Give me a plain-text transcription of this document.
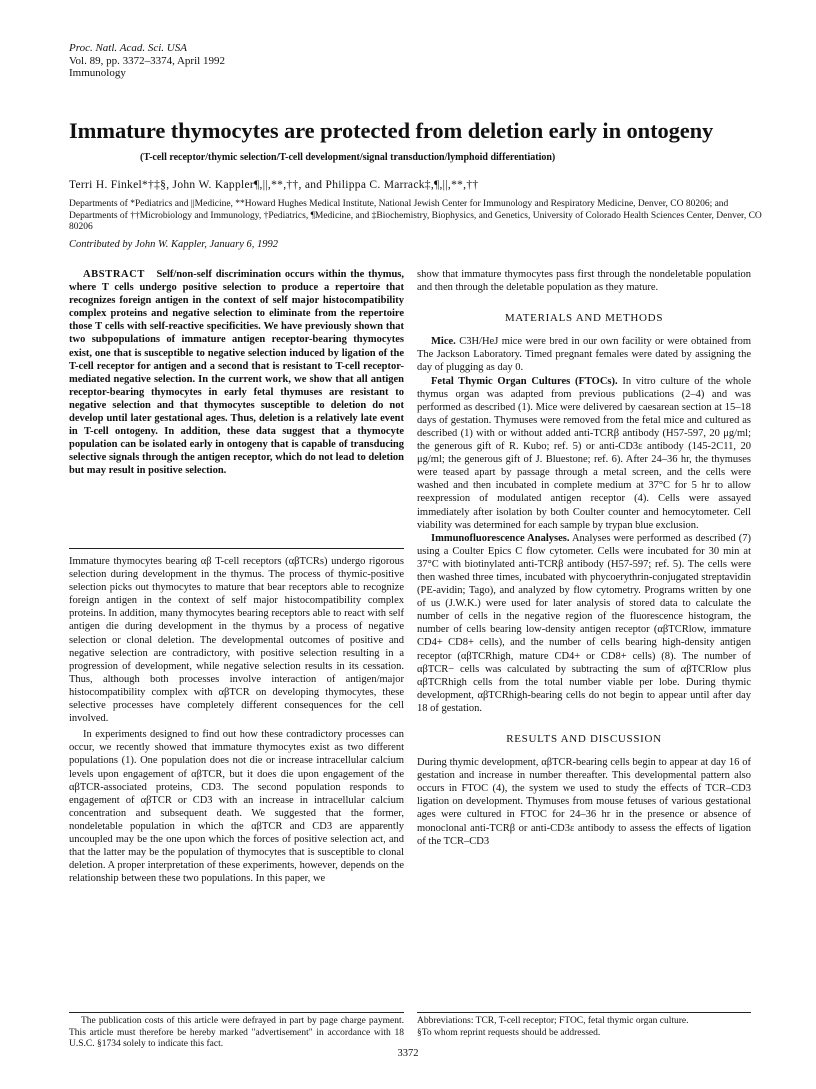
Proc. Natl. Acad. Sci. USA
Vol. 89, pp. 3372–3374, April 1992
Immunology
Immature thymocytes are protected from deletion early in ontogeny
(T-cell receptor/thymic selection/T-cell development/signal transduction/lymphoid differentiation)
Terri H. Finkel*†‡§, John W. Kappler¶,||,**,††, and Philippa C. Marrack‡,¶,||,**,††
Departments of *Pediatrics and ||Medicine, **Howard Hughes Medical Institute, National Jewish Center for Immunology and Respiratory Medicine, Denver, CO 80206; and Departments of ††Microbiology and Immunology, †Pediatrics, ¶Medicine, and ‡Biochemistry, Biophysics, and Genetics, University of Colorado Health Sciences Center, Denver, CO 80206
Contributed by John W. Kappler, January 6, 1992

ABSTRACT Self/non-self discrimination occurs within the thymus, where T cells undergo positive selection to produce a repertoire that recognizes foreign antigen in the context of self major histocompatibility complex proteins and negative selection to eliminate from the repertoire those T cells with self-reactive specificities. We have previously shown that two subpopulations of immature antigen receptor-bearing thymocytes exist, one that is susceptible to negative selection induced by ligation of the T-cell receptor for antigen and a second that is resistant to T-cell receptor-mediated negative selection. In the current work, we show that all antigen receptor-bearing thymocytes in early fetal thymuses are resistant to negative selection and that thymocytes susceptible to deletion do not develop until later gestational ages. Thus, deletion is a relatively late event in T-cell ontogeny. In addition, these data suggest that a thymocyte population can be isolated early in ontogeny that is capable of transducing selective signals through the antigen receptor, which do not lead to deletion but may result in positive selection.

Immature thymocytes bearing αβ T-cell receptors (αβTCRs) undergo rigorous selection during development in the thymus. The process of thymic-positive selection picks out thymocytes to mature that bear receptors able to recognize foreign antigen in the context of self major histocompatibility complex proteins. In addition, many thymocytes bearing receptors able to react with self antigen die during development in the thymus by a process of negative selection or clonal deletion. The developmental outcomes of positive and negative selection are contradictory, with positive selection resulting in a progression of development, while negative selection results in its cessation. Thus, although both processes involve interaction of antigen/major histocompatibility complex with αβTCR on developing thymocytes, these selective processes have completely different consequences for the cell involved.

In experiments designed to find out how these contradictory processes can occur, we recently showed that immature thymocytes exist as two different populations (1). One population does not die or increase intracellular calcium levels upon engagement of αβTCR, but it does die upon engagement of the αβTCR-associated proteins, CD3. The second population responds to engagement of αβTCR or CD3 with an increase in intracellular calcium concentration and subsequent death. We suggested that the former, nondeletable population in which the αβTCR and CD3 are apparently uncoupled may be the one upon which the forces of positive selection act, and that the latter may be the population of thymocytes that is susceptible to clonal deletion. A proper interpretation of these experiments, however, depends on the relationship between these two populations. In this paper, we

show that immature thymocytes pass first through the nondeletable population and then through the deletable population as they mature.

MATERIALS AND METHODS

Mice. C3H/HeJ mice were bred in our own facility or were obtained from The Jackson Laboratory. Timed pregnant females were dated by assigning the day of plugging as day 0.

Fetal Thymic Organ Cultures (FTOCs). In vitro culture of the whole thymus organ was adapted from previous publications (2–4) and was performed as described (1). Mice were delivered by caesarean section at 15–18 days of gestation. Thymuses were removed from the fetal mice and cultured as described (1) with or without added anti-TCRβ antibody (H57-597, 20 μg/ml; the generous gift of R. Kubo; ref. 5) or anti-CD3ε antibody (145-2C11, 20 μg/ml; the generous gift of J. Bluestone; ref. 6). After 24–36 hr, the thymuses were teased apart by passage through a metal screen, and the cells were washed and then incubated in complete medium at 37°C for 5 hr to allow reexpression of modulated antigen receptor (4). Cells were assayed immediately after isolation by both Coulter counter and hemocytometer. Cell viability was determined for each sample by trypan blue exclusion.

Immunofluorescence Analyses. Analyses were performed as described (7) using a Coulter Epics C flow cytometer. Cells were incubated for 30 min at 37°C with biotinylated anti-TCRβ antibody (H57-597; ref. 5). The cells were then washed three times, incubated with phycoerythrin-conjugated streptavidin (PE-avidin; Tago), and analyzed by flow cytometry. Programs written by one of us (J.W.K.) were used for later analysis of stored data to calculate the number of cells in the negative region of the fluorescence histogram, the number of cells bearing low-density antigen receptor (αβTCRlow, immature CD4+ CD8+ cells), and the number of cells bearing high-density antigen receptor (αβTCRhigh, mature CD4+ or CD8+ cells) (8). The number of αβTCR− cells was calculated by subtracting the sum of αβTCRlow plus αβTCRhigh cells from the total number viable per lobe. During thymic development, αβTCRhigh-bearing cells do not begin to appear until after day 18 of gestation.

RESULTS AND DISCUSSION

During thymic development, αβTCR-bearing cells begin to appear at day 16 of gestation and increase in number thereafter. This developmental pattern also occurs in FTOC (4), the system we used to study the effects of TCR–CD3 ligation on development. Thymuses from mouse fetuses of various gestational ages were cultured in FTOC for 24–36 hr in the presence or absence of monoclonal anti-TCRβ or anti-CD3ε antibody to assess the effects of ligation of the TCR–CD3

The publication costs of this article were defrayed in part by page charge payment. This article must therefore be hereby marked "advertisement" in accordance with 18 U.S.C. §1734 solely to indicate this fact.
Abbreviations: TCR, T-cell receptor; FTOC, fetal thymic organ culture.
§To whom reprint requests should be addressed.
3372
